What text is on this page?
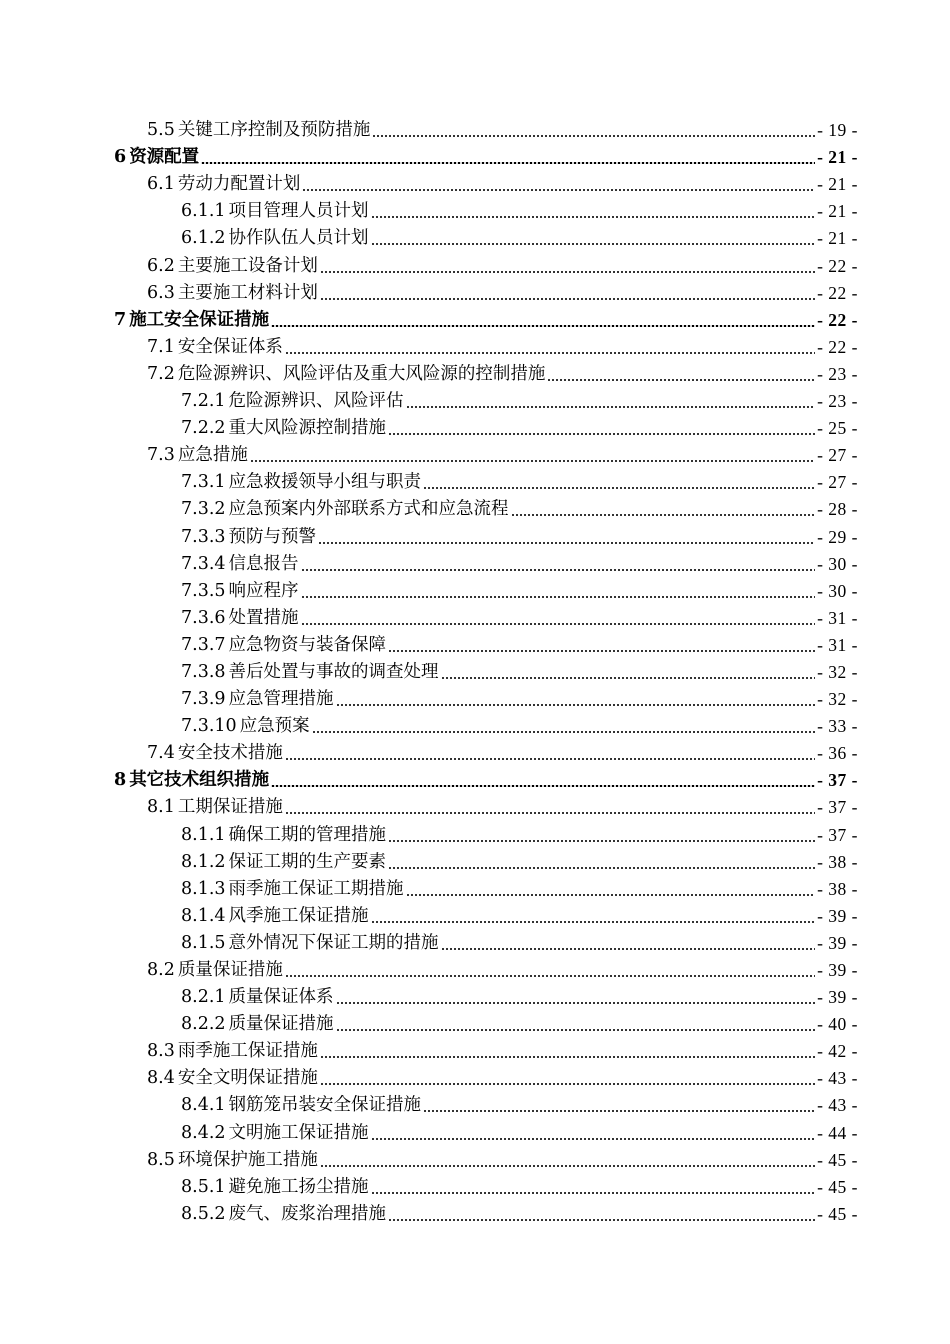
5.5 关键工序控制及预防措施	- 19 -
6 资源配置	- 21 -
6.1 劳动力配置计划	- 21 -
6.1.1 项目管理人员计划	- 21 -
6.1.2 协作队伍人员计划	- 21 -
6.2 主要施工设备计划	- 22 -
6.3 主要施工材料计划	- 22 -
7 施工安全保证措施	- 22 -
7.1 安全保证体系	- 22 -
7.2 危险源辨识、风险评估及重大风险源的控制措施	- 23 -
7.2.1 危险源辨识、风险评估	- 23 -
7.2.2 重大风险源控制措施	- 25 -
7.3 应急措施	- 27 -
7.3.1 应急救援领导小组与职责	- 27 -
7.3.2 应急预案内外部联系方式和应急流程	- 28 -
7.3.3 预防与预警	- 29 -
7.3.4 信息报告	- 30 -
7.3.5 响应程序	- 30 -
7.3.6 处置措施	- 31 -
7.3.7 应急物资与装备保障	- 31 -
7.3.8 善后处置与事故的调查处理	- 32 -
7.3.9 应急管理措施	- 32 -
7.3.10 应急预案	- 33 -
7.4 安全技术措施	- 36 -
8 其它技术组织措施	- 37 -
8.1 工期保证措施	- 37 -
8.1.1 确保工期的管理措施	- 37 -
8.1.2 保证工期的生产要素	- 38 -
8.1.3 雨季施工保证工期措施	- 38 -
8.1.4 风季施工保证措施	- 39 -
8.1.5 意外情况下保证工期的措施	- 39 -
8.2 质量保证措施	- 39 -
8.2.1 质量保证体系	- 39 -
8.2.2 质量保证措施	- 40 -
8.3 雨季施工保证措施	- 42 -
8.4 安全文明保证措施	- 43 -
8.4.1 钢筋笼吊装安全保证措施	- 43 -
8.4.2 文明施工保证措施	- 44 -
8.5 环境保护施工措施	- 45 -
8.5.1 避免施工扬尘措施	- 45 -
8.5.2 废气、废浆治理措施	- 45 -
